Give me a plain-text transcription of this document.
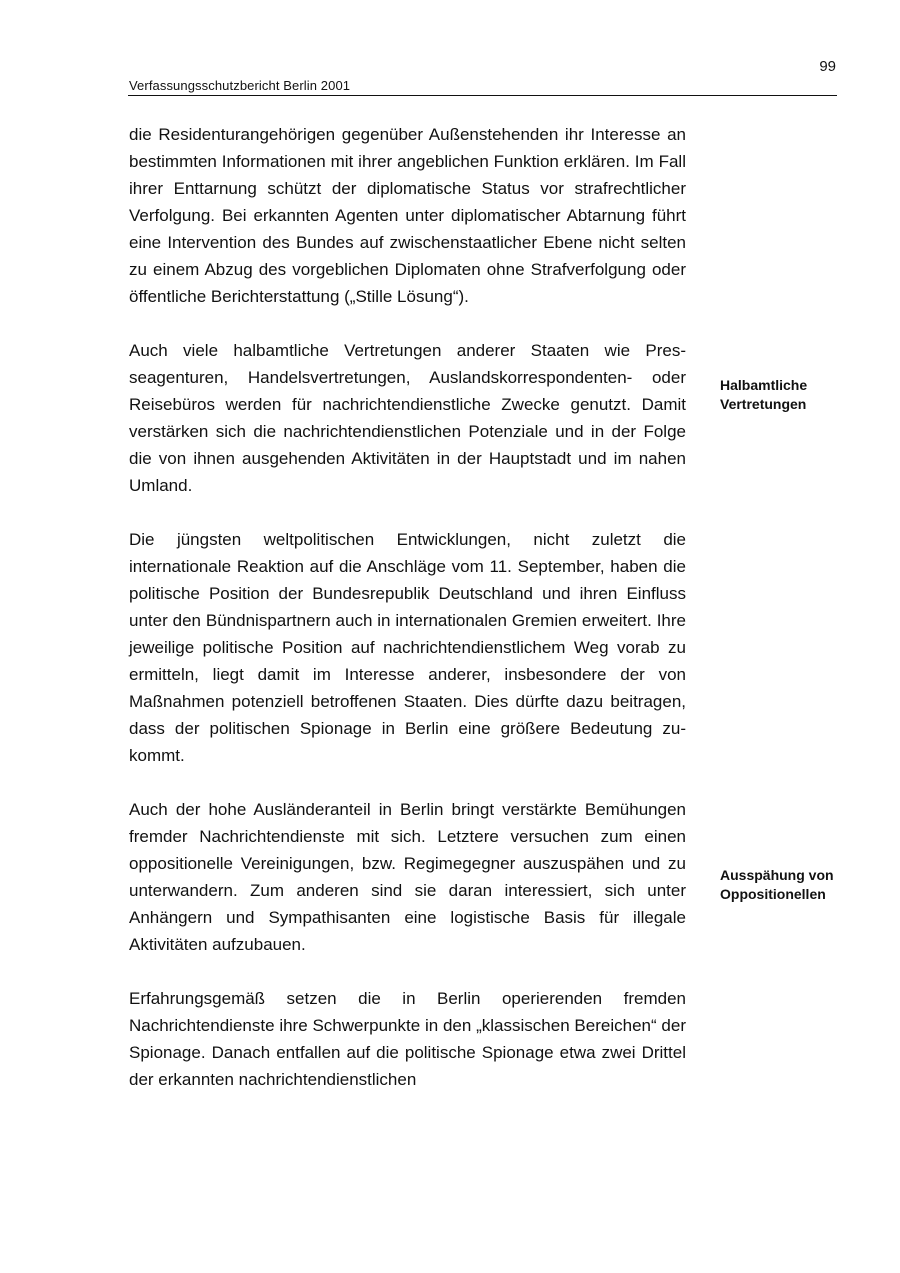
99
Verfassungsschutzbericht Berlin 2001

die Residenturangehörigen gegenüber Außenstehenden ihr Interesse an bestimmten Informationen mit ihrer angeblichen Funktion erklären. Im Fall ihrer Enttarnung schützt der diplomatische Status vor strafrechtlicher Verfolgung. Bei erkannten Agenten unter diplomatischer Abtarnung führt eine Intervention des Bundes auf zwischenstaatlicher Ebene nicht selten zu einem Abzug des vorgeblichen Diplomaten ohne Strafverfolgung oder öffentliche Berichterstattung („Stille Lösung“).

Auch viele halbamtliche Vertretungen anderer Staaten wie Presseagenturen, Handelsvertretungen, Auslandskorrespondenten- oder Reisebüros werden für nachrichtendienstliche Zwecke genutzt. Damit verstärken sich die nachrichtendienstlichen Potenziale und in der Folge die von ihnen ausgehenden Aktivitäten in der Hauptstadt und im nahen Umland.

Die jüngsten weltpolitischen Entwicklungen, nicht zuletzt die internationale Reaktion auf die Anschläge vom 11. September, haben die politische Position der Bundesrepublik Deutschland und ihren Einfluss unter den Bündnispartnern auch in internationalen Gremien erweitert. Ihre jeweilige politische Position auf nachrichtendienstlichem Weg vorab zu ermitteln, liegt damit im Interesse anderer, insbesondere der von Maßnahmen potenziell betroffenen Staaten. Dies dürfte dazu beitragen, dass der politischen Spionage in Berlin eine größere Bedeutung zukommt.

Auch der hohe Ausländeranteil in Berlin bringt verstärkte Bemühungen fremder Nachrichtendienste mit sich. Letztere versuchen zum einen oppositionelle Vereinigungen, bzw. Regimegegner auszuspähen und zu unterwandern. Zum anderen sind sie daran interessiert, sich unter Anhängern und Sympathisanten eine logistische Basis für illegale Aktivitäten aufzubauen.

Erfahrungsgemäß setzen die in Berlin operierenden fremden Nachrichtendienste ihre Schwerpunkte in den „klassischen Bereichen“ der Spionage. Danach entfallen auf die politische Spionage etwa zwei Drittel der erkannten nachrichtendienstlichen

Halbamtliche
Vertretungen
Ausspähung von
Oppositionellen
